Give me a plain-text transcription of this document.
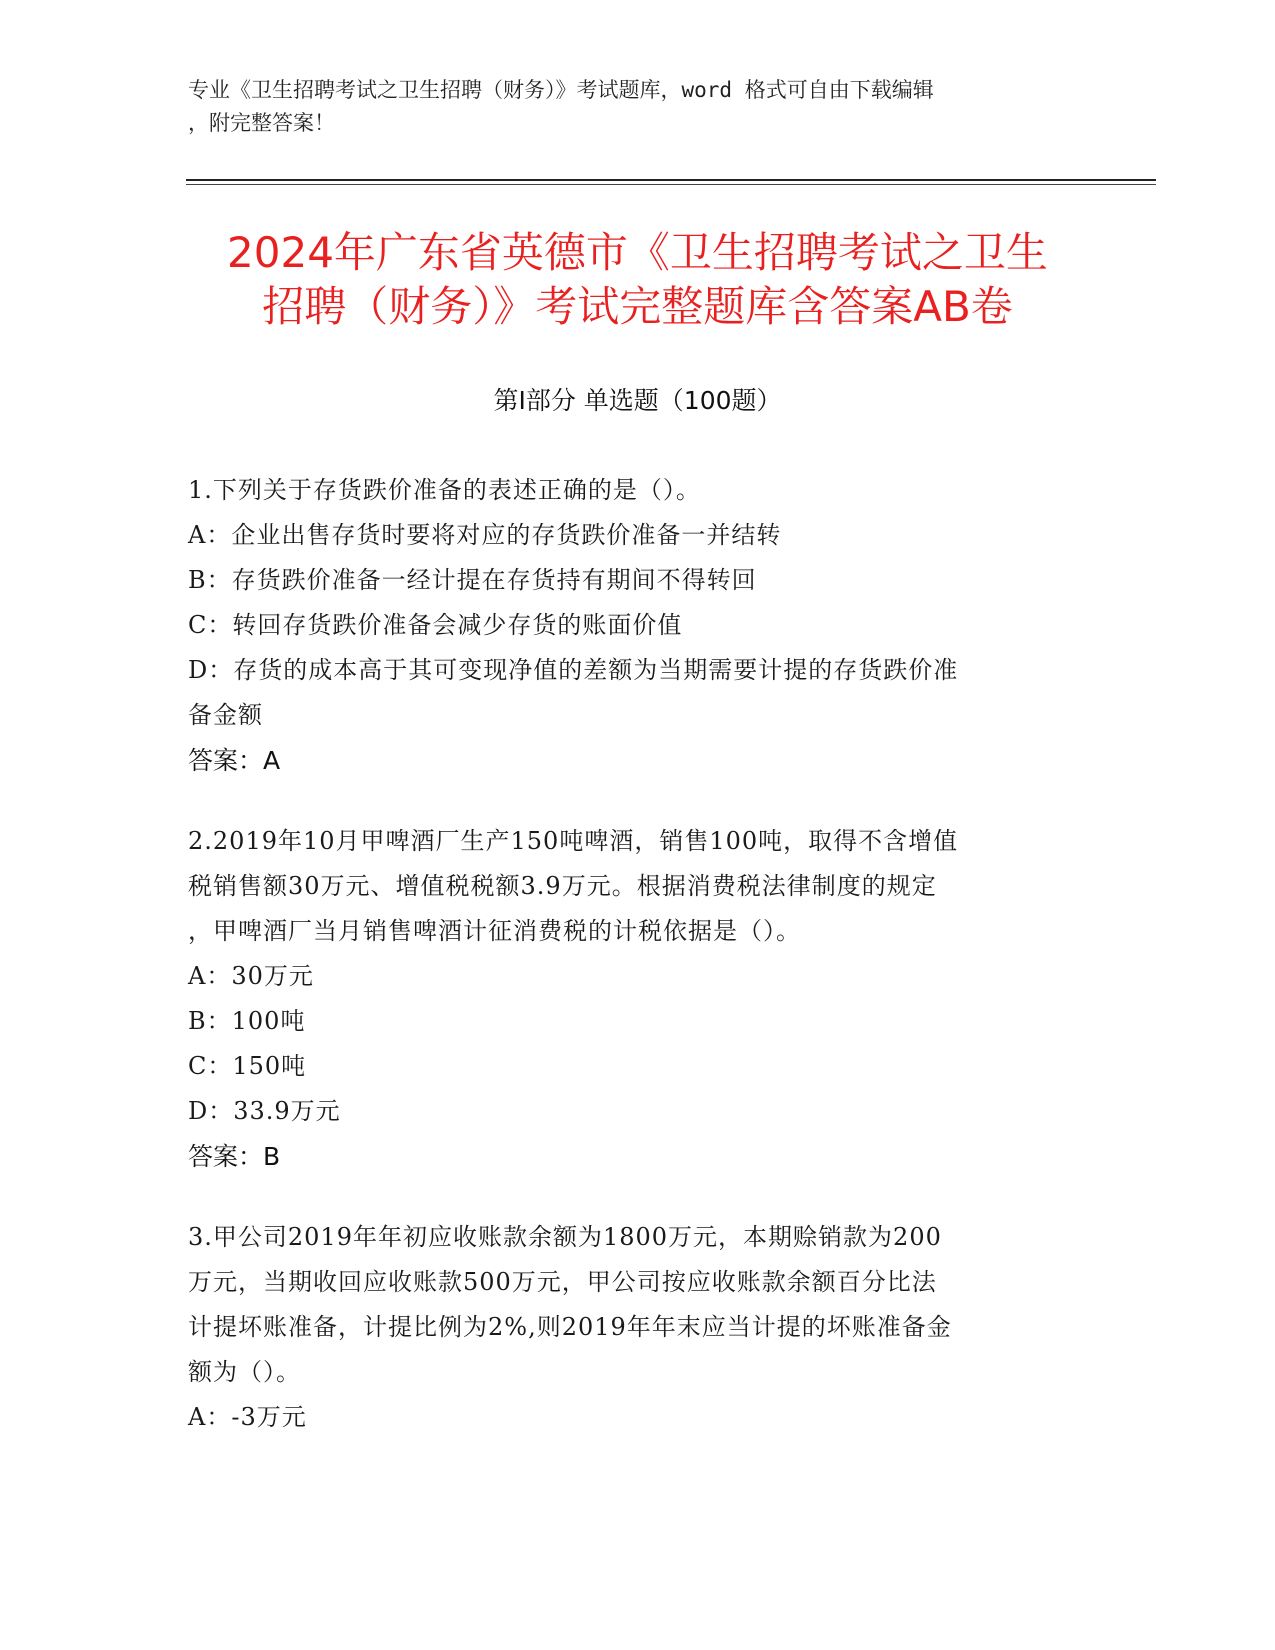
专业《卫生招聘考试之卫生招聘（财务）》考试题库，word 格式可自由下载编辑
，附完整答案！
2024年广东省英德市《卫生招聘考试之卫生
招聘（财务）》考试完整题库含答案AB卷
第Ⅰ部分 单选题（100题）
1.下列关于存货跌价准备的表述正确的是（）。
A：企业出售存货时要将对应的存货跌价准备一并结转
B：存货跌价准备一经计提在存货持有期间不得转回
C：转回存货跌价准备会减少存货的账面价值
D：存货的成本高于其可变现净值的差额为当期需要计提的存货跌价准
备金额
答案：A
2.2019年10月甲啤酒厂生产150吨啤酒，销售100吨，取得不含增值
税销售额30万元、增值税税额3.9万元。根据消费税法律制度的规定
，甲啤酒厂当月销售啤酒计征消费税的计税依据是（）。
A：30万元
B：100吨
C：150吨
D：33.9万元
答案：B
3.甲公司2019年年初应收账款余额为1800万元，本期赊销款为200
万元，当期收回应收账款500万元，甲公司按应收账款余额百分比法
计提坏账准备，计提比例为2%,则2019年年末应当计提的坏账准备金
额为（）。
A：-3万元
